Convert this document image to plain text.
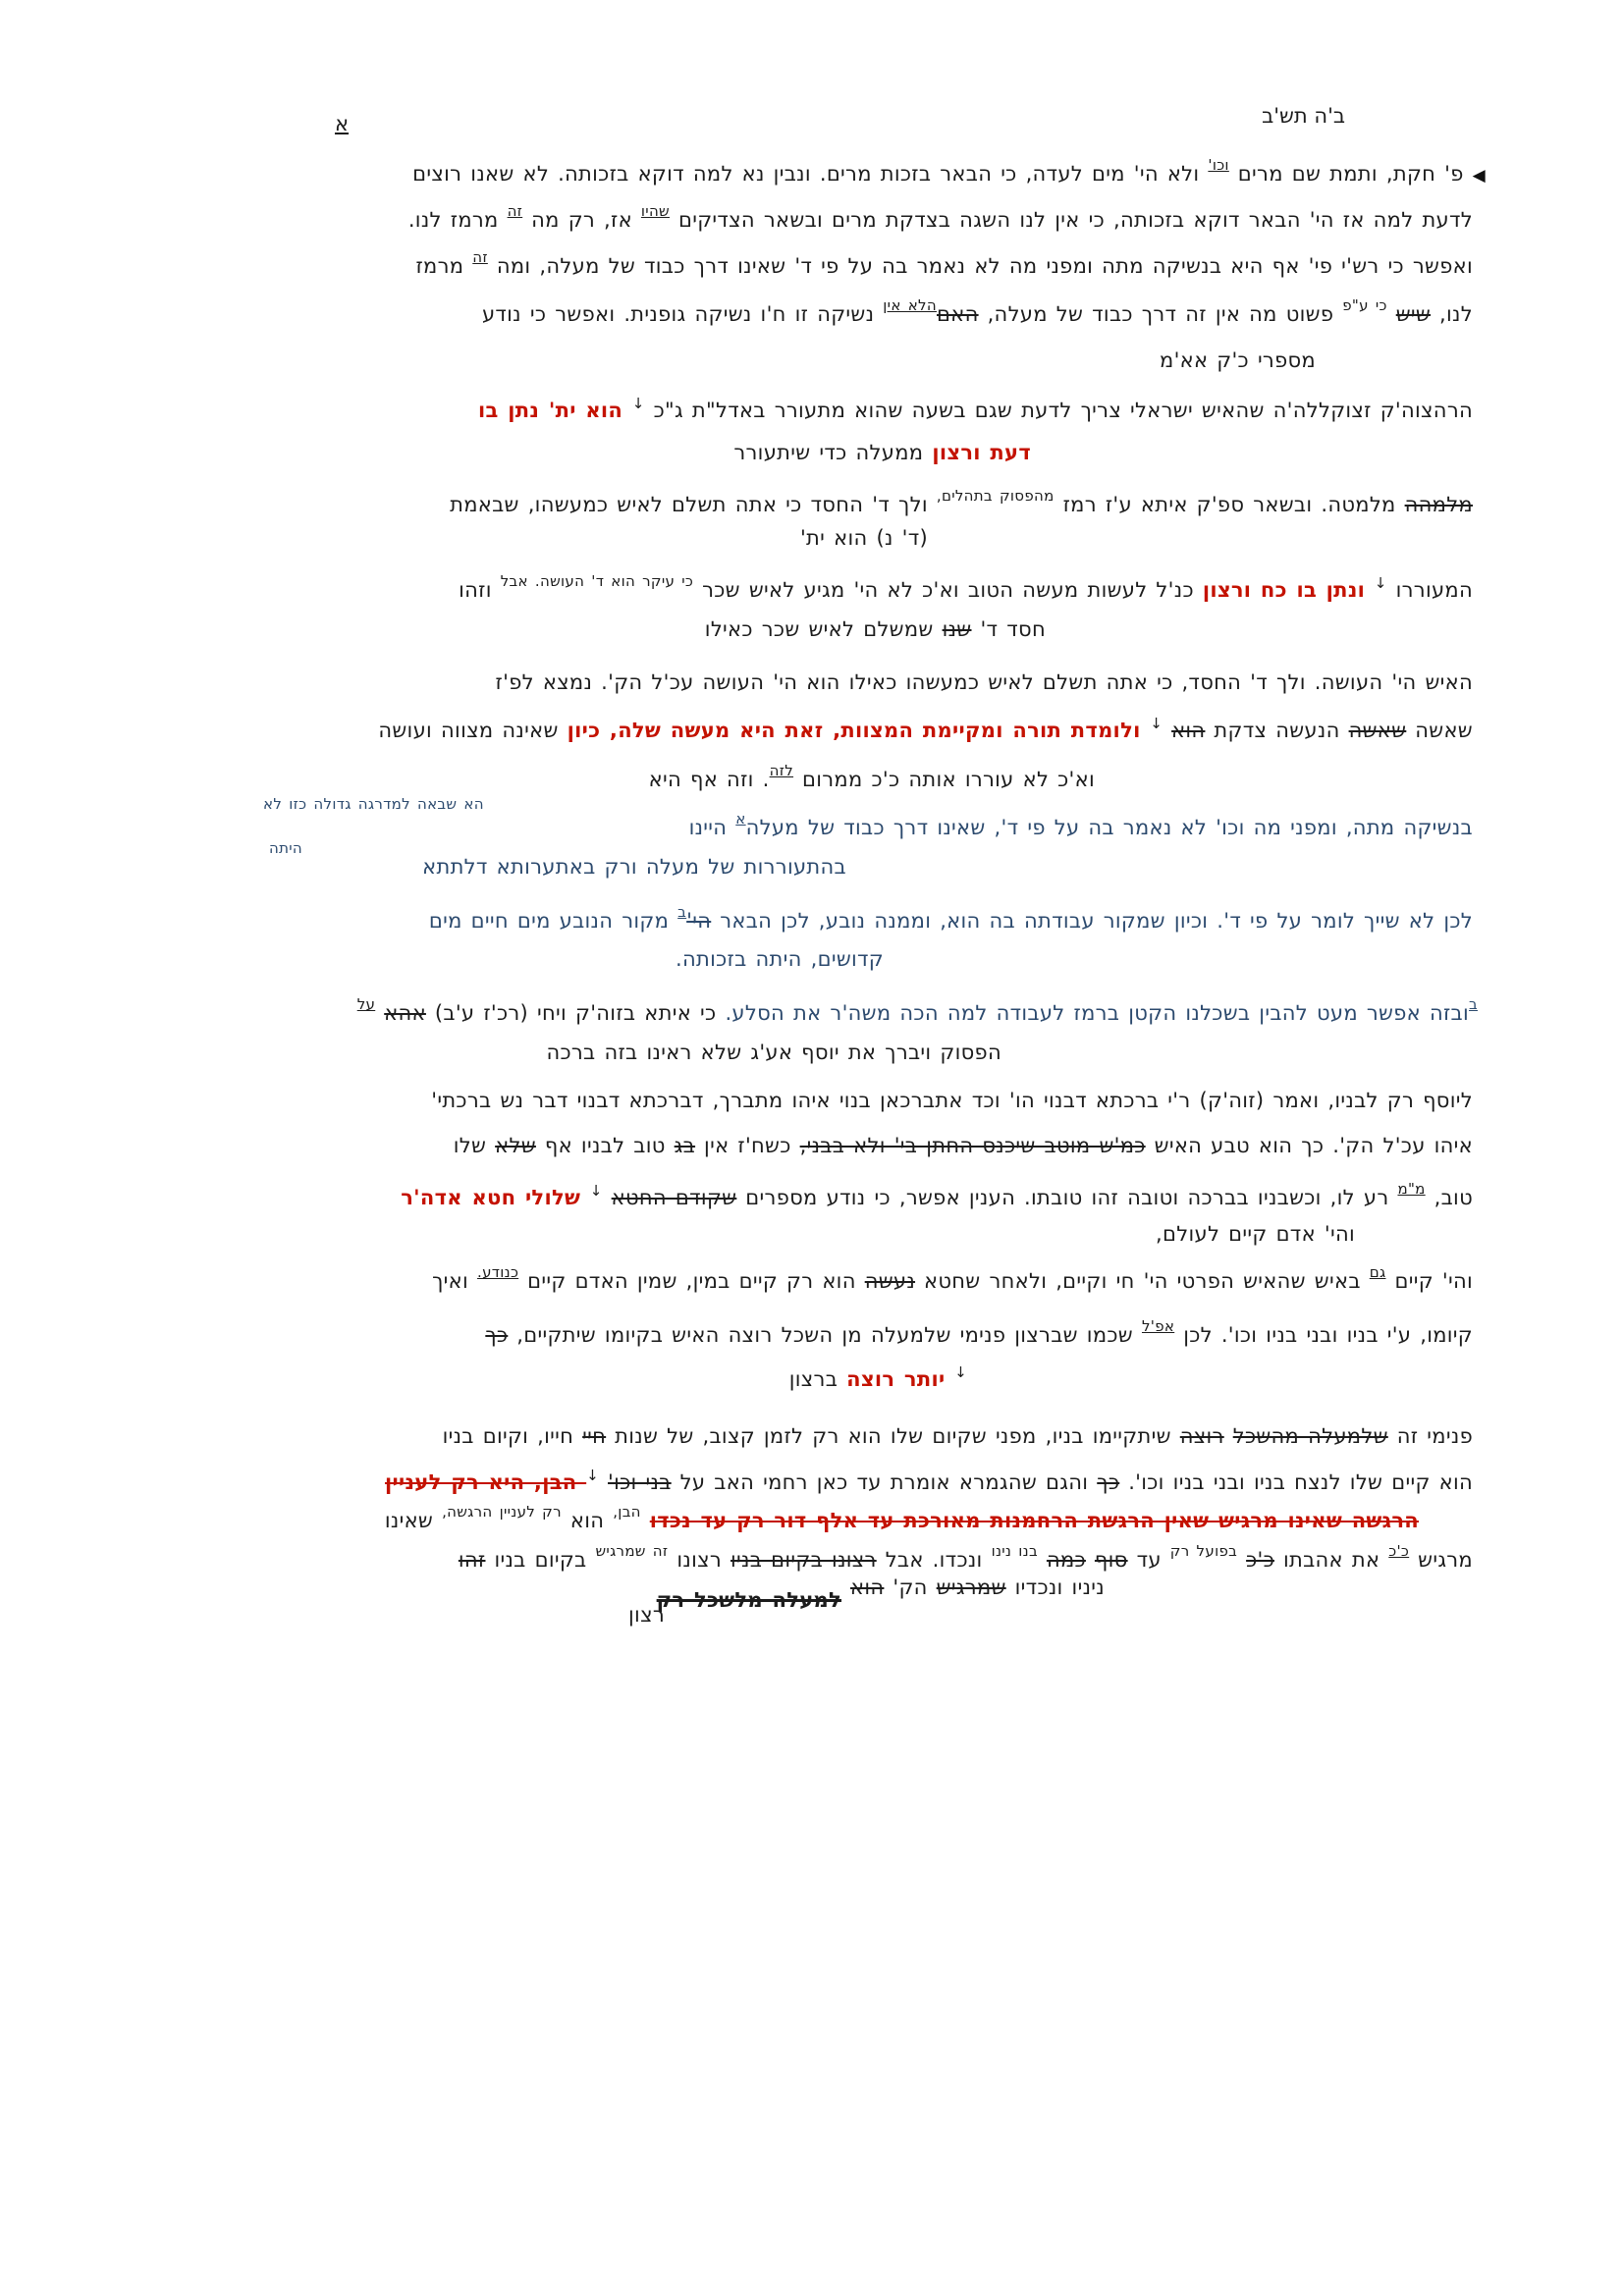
ב'ה תש'ב
א
◀ פ' חקת, ותמת שם מרים $^{וכו'}$ ולא הי' מים לעדה, כי הבאר בזכות מרים. ונבין נא למה דוקא בזכותה. לא שאנו רוצים
לדעת למה אז הי' הבאר דוקא בזכותה, כי אין לנו השגה בצדקת מרים ובשאר הצדיקים $^{שהיו}$ אז, רק מה $^{זה}$ מרמז לנו.
ואפשר כי רש'י פי' אף היא בנשיקה מתה ומפני מה לא נאמר בה על פי ד' שאינו דרך כבוד של מעלה, ומה $^{זה}$ מרמז
לנו, שיש $^{כי ע"פ}$ פשוט מה אין זה דרך כבוד של מעלה, האם$^{הלא אין}$ נשיקה זו ח'ו נשיקה גופנית. ואפשר כי נודע
מספרי כ'ק אא'מ
הרהצוה'ק זצוקללה'ה שהאיש ישראלי צריך לדעת שגם בשעה שהוא מתעורר באדל"ת ג"כ ↓ הוא ית' נתן בו
דעת ורצון ממעלה כדי שיתעורר
מלמהה מלמטה. ובשאר ספ'ק איתא ע'ז רמז $^{מהפסוק בתהלים,}$ ולך ד' החסד כי אתה תשלם לאיש כמעשהו, שבאמת
(ד' נ) הוא ית'
המעוררו ↓ ונתן בו כח ורצון כנ'ל לעשות מעשה הטוב וא'כ לא הי' מגיע לאיש שכר $^{כי עיקר הוא ד' העושה. אבל}$ וזהו
חסד ד' שנו שמשלם לאיש שכר כאילו
האיש הי' העושה. ולך ד' החסד, כי אתה תשלם לאיש כמעשהו כאילו הוא הי' העושה עכ'ל הק'. נמצא לפ'ז
שאשה שאשה הנעשה צדקת הוא ↓ ולומדת תורה ומקיימת המצוות, זאת היא מעשה שלה, כיון שאינה מצווה ועושה
וא'כ לא עוררו אותה כ'כ ממרום $^{לזה}$. וזה אף היא
בנשיקה מתה, ומפני מה וכו' לא נאמר בה על פי ד', שאינו דרך כבוד של מעלה$^א$ היינו
בהתעוררות של מעלה ורק באתערותא דלתתא
לכן לא שייך לומר על פי ד'. וכיון שמקור עבודתה בה הוא, וממנה נובע, לכן הבאר $הי'^ב$ מקור הנובע מים חיים מים
קדושים, היתה בזכותה.
$^ב$ובזה אפשר מעט להבין בשכלנו הקטן ברמז לעבודה למה הכה משה'ר את הסלע. כי איתא בזוה'ק ויחי (רכ'ז ע'ב) אהא $^{על}$
הפסוק ויברך את יוסף אע'ג שלא ראינו בזה ברכה
ליוסף רק לבניו, ואמר (זוה'ק) ר'י ברכתא דבנוי הו' וכד אתברכאן בנוי איהו מתברך, דברכתא דבנוי דבר נש ברכתי'
איהו עכ'ל הק'. כך הוא טבע האיש כמ'ש מוטב שיכנס החתן בי' ולא בבני, כשח'ז אין בג טוב לבניו אף שלא שלו
טוב, $^{מ"מ}$ רע לו, וכשבניו בברכה וטובה זהו טובתו. הענין אפשר, כי נודע מספרים שקודם החטא ↓ שלולי חטא אדה'ר
והי' אדם קיים לעולם,
והי' קיים $^{גם}$ באיש שהאיש הפרטי הי' חי וקיים, ולאחר שחטא נעשה הוא רק קיים במין, שמין האדם קיים $^{כנודע.}$ ואיך
קיומו, ע'י בניו ובני בניו וכו'. לכן $^{אפ'ל}$ שכמו שברצון פנימי שלמעלה מן השכל רוצה האיש בקיומו שיתקיים, כך
↓ יותר רוצה ברצון
פנימי זה שלמעלה מהשכל רוצה שיתקיימו בניו, מפני שקיום שלו הוא רק לזמן קצוב, של שנות חיי חייו, וקיום בניו
הוא קיים שלו לנצח בניו ובני בניו וכו'. כך והגם שהגמרא אומרת עד כאן רחמי האב על בני וכו' ↓ הבן, היא רק לעניין
הרגשה שאינו מרגיש שאין הרגשת הרחמנות מאורכת עד אלף דור רק עד נכדו $^{הבן,}$ הוא $^{רק לעניין הרגשה,}$ שאינו
מרגיש $^{כ'כ}$ את אהבתו כ'כ $^{בפועל רק}$ עד סוף כמה $^{בנו נינו}$ ונכדו. אבל רצונו בקיום בניו רצונו $^{זה שמרגיש}$ בקיום בניו זהו
ניניו ונכדיו שמרגיש הק' הוא למעלה מלשכל רק
רצון
הא שבאה למדרגה גדולה כזו לא
היתה
